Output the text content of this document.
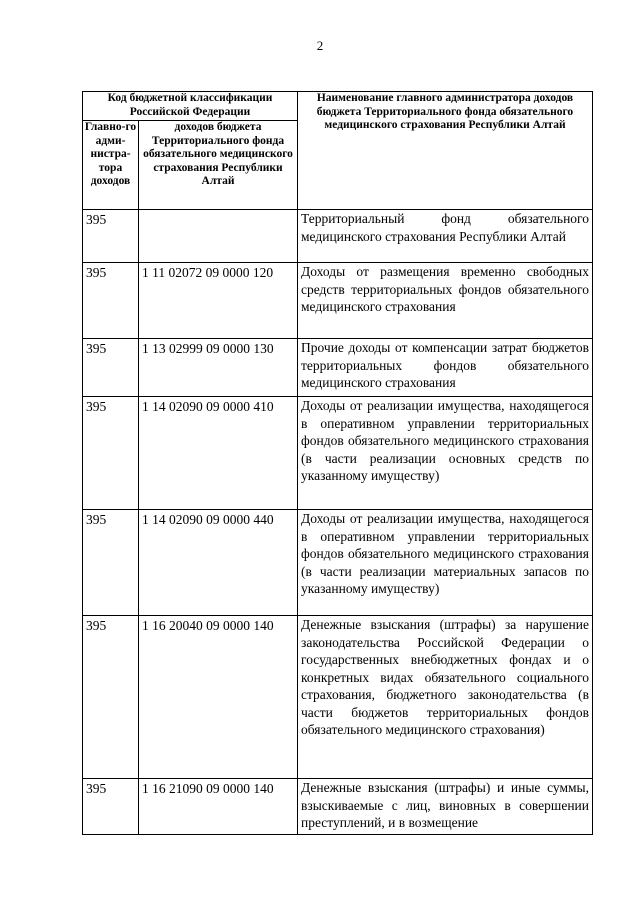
2
Код бюджетной классификации Российской Федерации		Наименование главного администратора доходов бюджета Территориального фонда обязательного медицинского страхования Республики Алтай
Главно-го адми-нистра-тора доходов	доходов бюджета Территориального фонда обязательного медицинского страхования Республики Алтай	
395		Территориальный фонд обязательного медицинского страхования Республики Алтай
395	1 11 02072 09 0000 120	Доходы от размещения временно свободных средств территориальных фондов обязательного медицинского страхования
395	1 13 02999 09 0000 130	Прочие доходы от компенсации затрат бюджетов территориальных фондов обязательного медицинского страхования
395	1 14 02090 09 0000 410	Доходы от реализации имущества, находящегося в оперативном управлении территориальных фондов обязательного медицинского страхования (в части реализации основных средств по указанному имуществу)
395	1 14 02090 09 0000 440	Доходы от реализации имущества, находящегося в оперативном управлении территориальных фондов обязательного медицинского страхования (в части реализации материальных запасов по указанному имуществу)
395	1 16 20040 09 0000 140	Денежные взыскания (штрафы) за нарушение законодательства Российской Федерации о государственных внебюджетных фондах и о конкретных видах обязательного социального страхования, бюджетного законодательства (в части бюджетов территориальных фондов обязательного медицинского страхования)
395	1 16 21090 09 0000 140	Денежные взыскания (штрафы) и иные суммы, взыскиваемые с лиц, виновных в совершении преступлений, и в возмещение
